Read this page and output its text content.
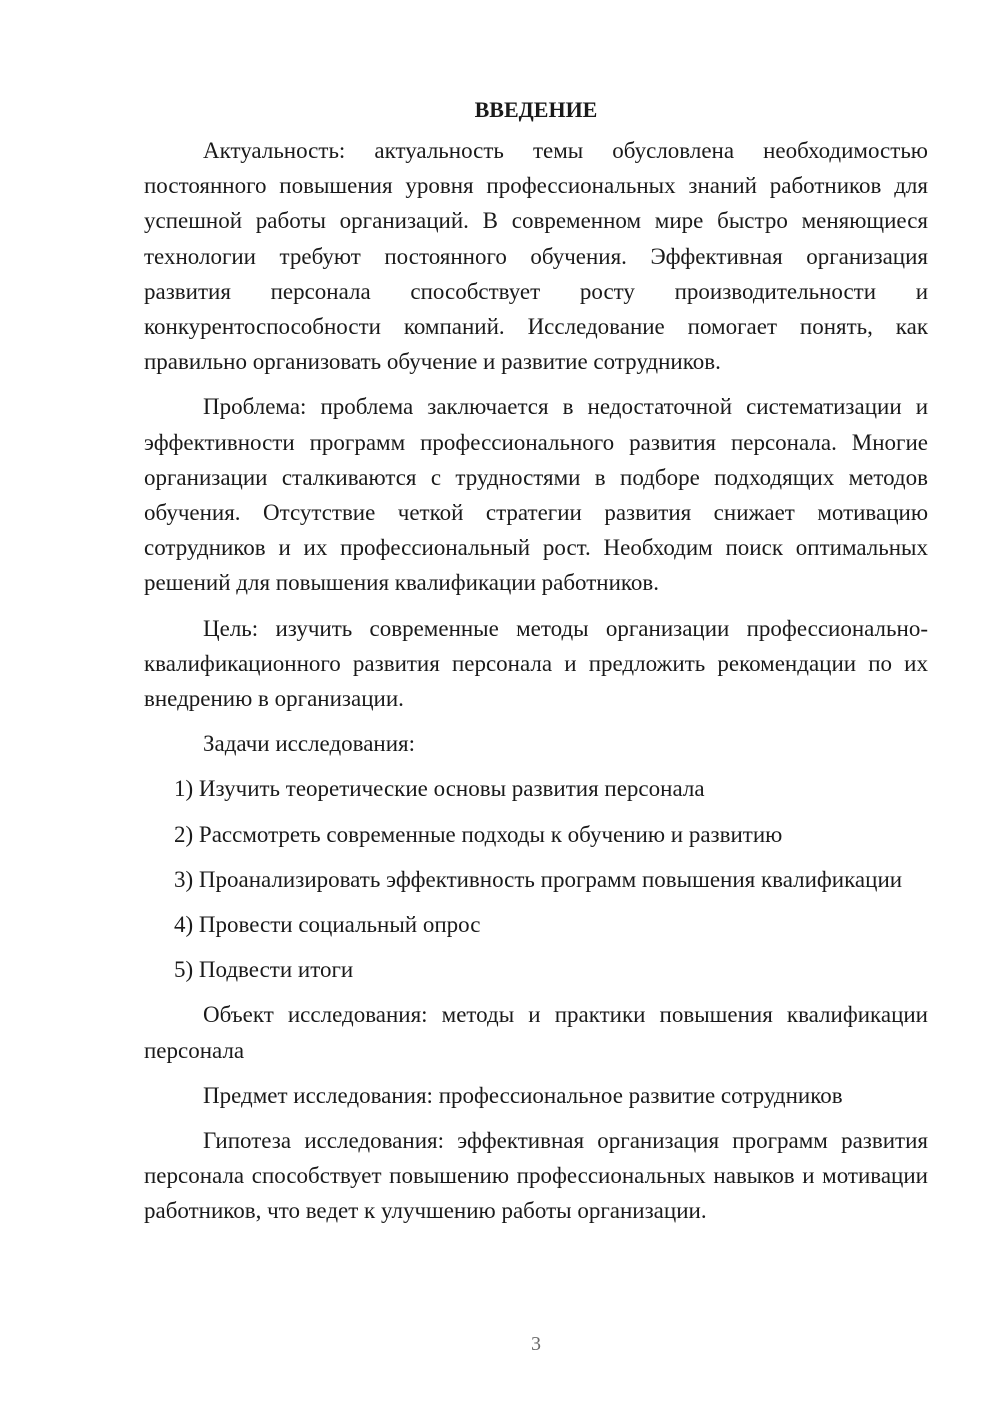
ВВЕДЕНИЕ

Актуальность: актуальность темы обусловлена необходимостью постоянного повышения уровня профессиональных знаний работников для успешной работы организаций. В современном мире быстро меняющиеся технологии требуют постоянного обучения. Эффективная организация развития персонала способствует росту производительности и конкурентоспособности компаний. Исследование помогает понять, как правильно организовать обучение и развитие сотрудников.

Проблема: проблема заключается в недостаточной систематизации и эффективности программ профессионального развития персонала. Многие организации сталкиваются с трудностями в подборе подходящих методов обучения. Отсутствие четкой стратегии развития снижает мотивацию сотрудников и их профессиональный рост. Необходим поиск оптимальных решений для повышения квалификации работников.

Цель: изучить современные методы организации профессионально-квалификационного развития персонала и предложить рекомендации по их внедрению в организации.

Задачи исследования:

1) Изучить теоретические основы развития персонала

2) Рассмотреть современные подходы к обучению и развитию

3) Проанализировать эффективность программ повышения квалификации

4) Провести социальный опрос

5) Подвести итоги

Объект исследования: методы и практики повышения квалификации персонала

Предмет исследования: профессиональное развитие сотрудников

Гипотеза исследования: эффективная организация программ развития персонала способствует повышению профессиональных навыков и мотивации работников, что ведет к улучшению работы организации.

3
